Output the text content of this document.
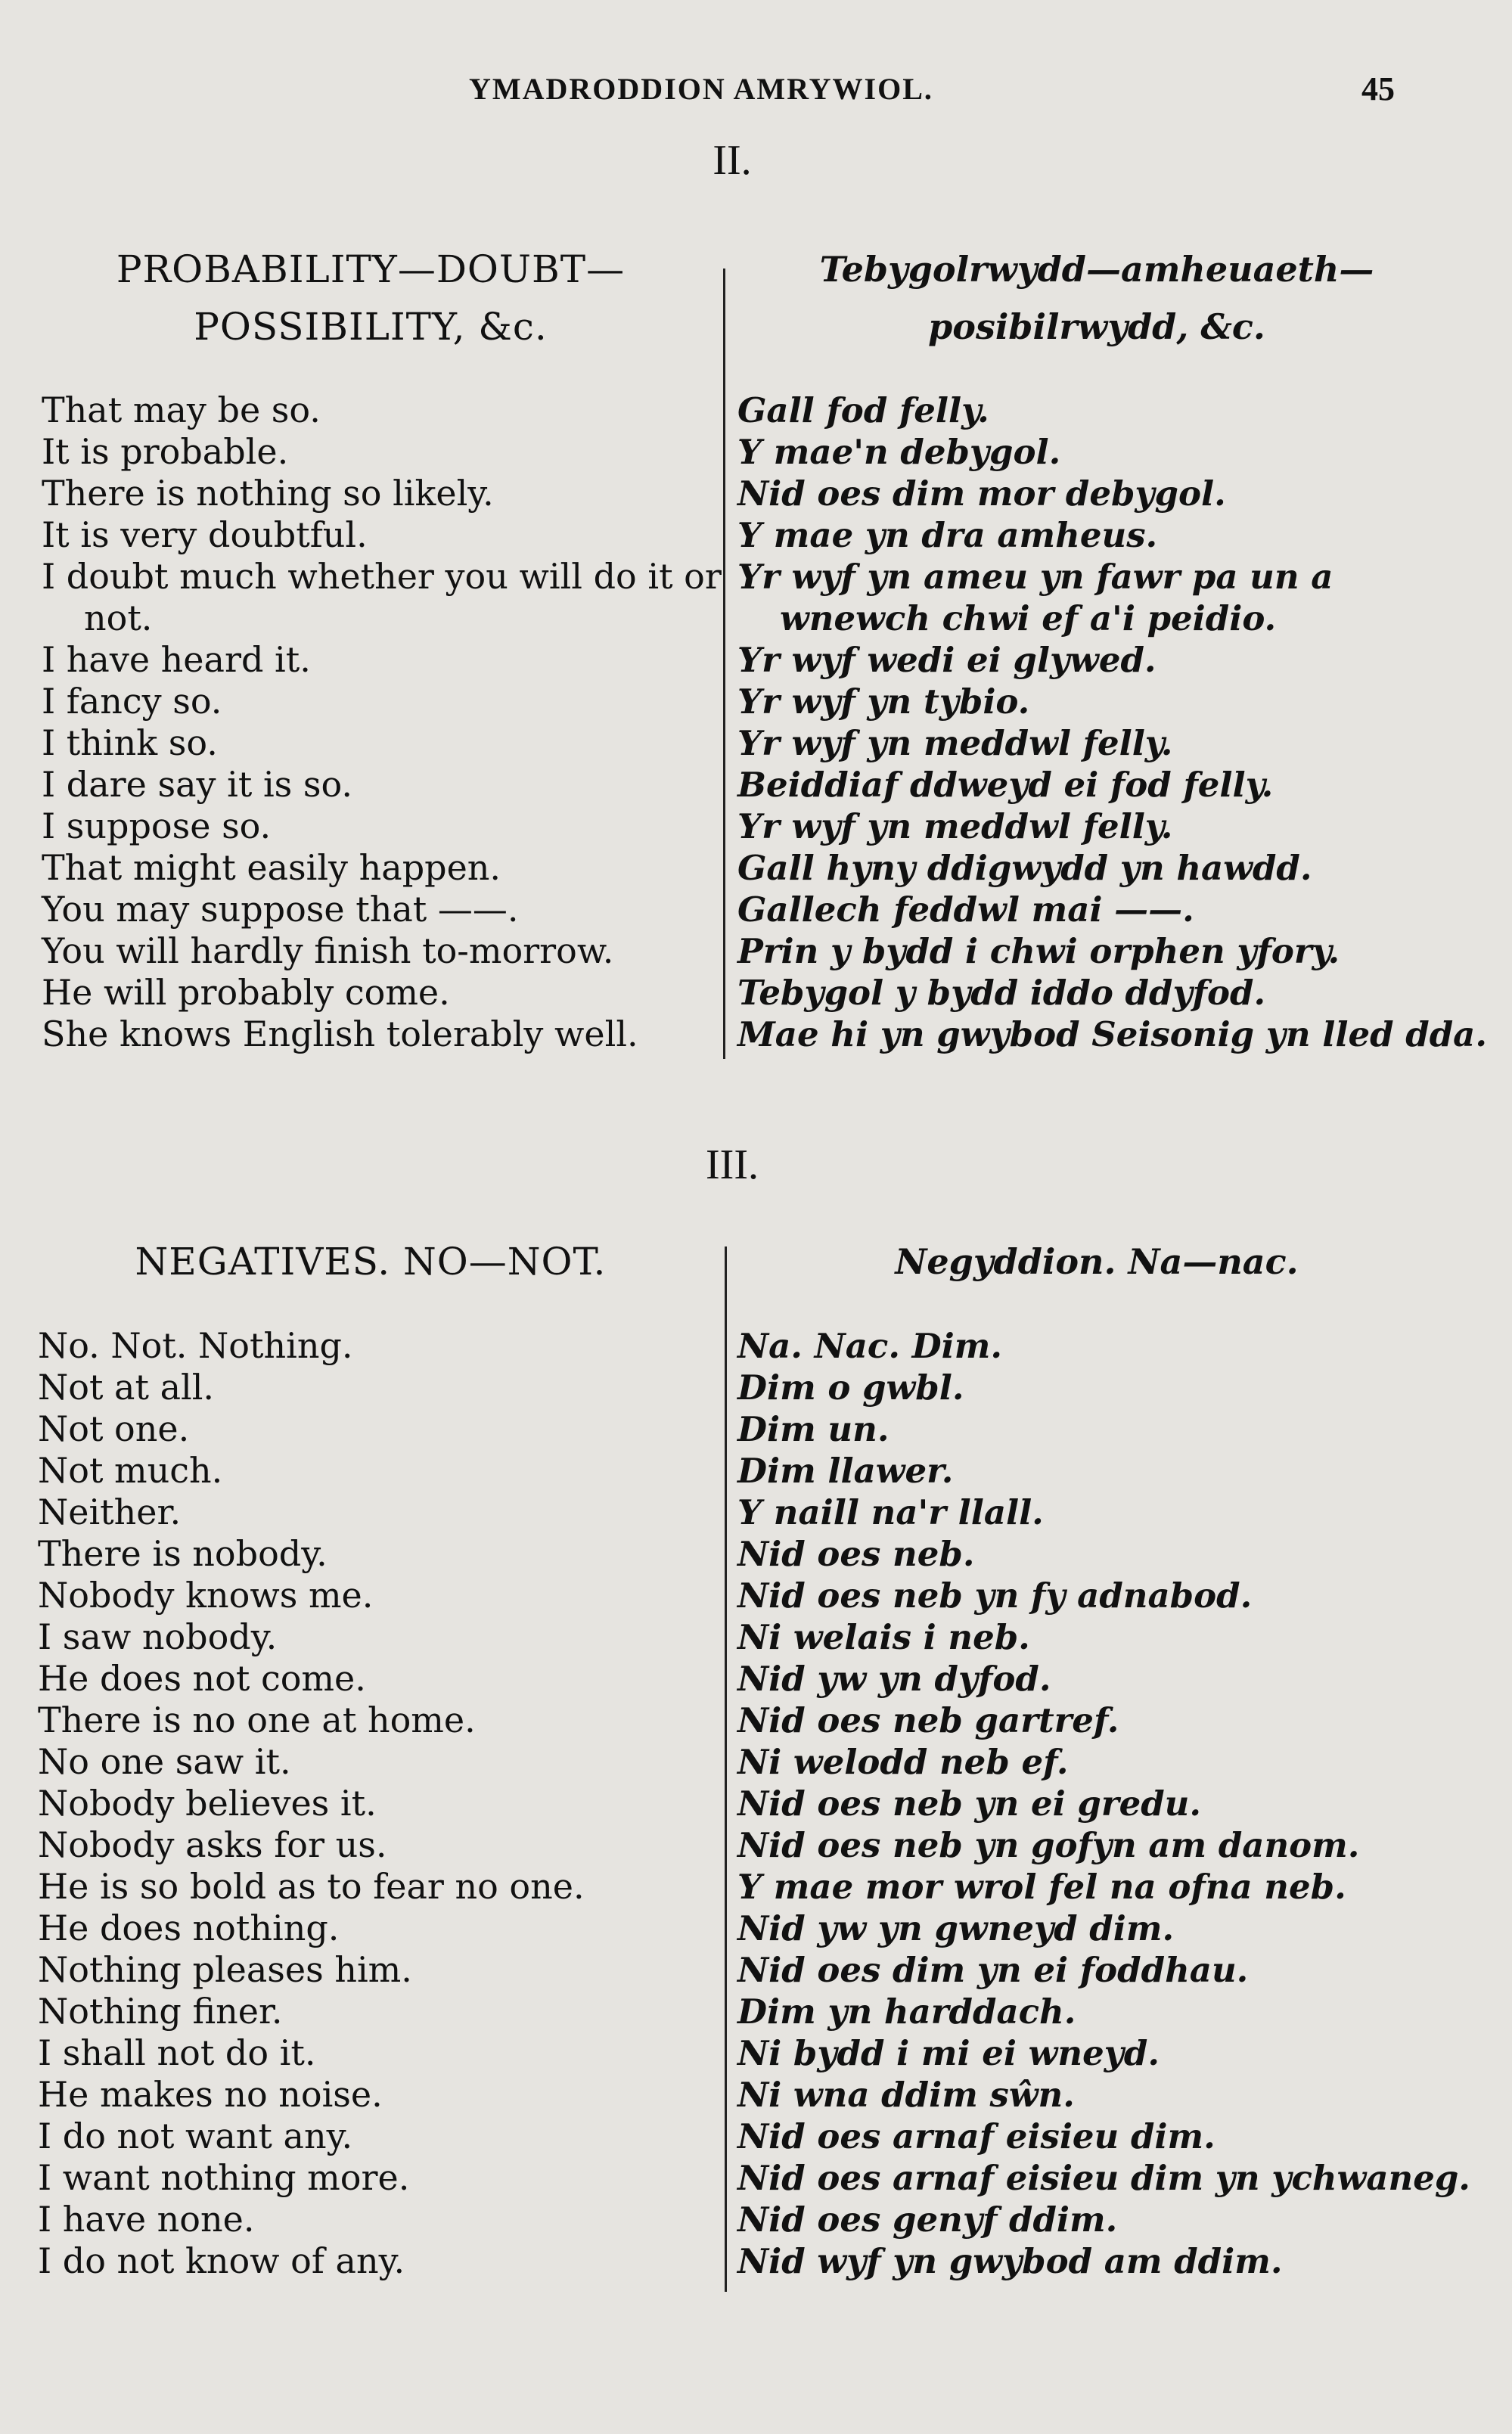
YMADRODDION AMRYWIOL.	45
II.
PROBABILITY—DOUBT—
POSSIBILITY, &c.
Tebygolrwydd—amheuaeth—
posibilrwydd, &c.
That may be so.
It is probable.
There is nothing so likely.
It is very doubtful.
I doubt much whether you will do it or not.
I have heard it.
I fancy so.
I think so.
I dare say it is so.
I suppose so.
That might easily happen.
You may suppose that ——.
You will hardly finish to-morrow.
He will probably come.
She knows English tolerably well.
Gall fod felly.
Y mae'n debygol.
Nid oes dim mor debygol.
Y mae yn dra amheus.
Yr wyf yn ameu yn fawr pa un a wnewch chwi ef a'i peidio.
Yr wyf wedi ei glywed.
Yr wyf yn tybio.
Yr wyf yn meddwl felly.
Beiddiaf ddweyd ei fod felly.
Yr wyf yn meddwl felly.
Gall hyny ddigwydd yn hawdd.
Gallech feddwl mai ——.
Prin y bydd i chwi orphen yfory.
Tebygol y bydd iddo ddyfod.
Mae hi yn gwybod Seisonig yn lled dda.
III.
NEGATIVES. NO—NOT.	Negyddion. Na—nac.
No. Not. Nothing.
Not at all.
Not one.
Not much.
Neither.
There is nobody.
Nobody knows me.
I saw nobody.
He does not come.
There is no one at home.
No one saw it.
Nobody believes it.
Nobody asks for us.
He is so bold as to fear no one.
He does nothing.
Nothing pleases him.
Nothing finer.
I shall not do it.
He makes no noise.
I do not want any.
I want nothing more.
I have none.
I do not know of any.
Na. Nac. Dim.
Dim o gwbl.
Dim un.
Dim llawer.
Y naill na'r llall.
Nid oes neb.
Nid oes neb yn fy adnabod.
Ni welais i neb.
Nid yw yn dyfod.
Nid oes neb gartref.
Ni welodd neb ef.
Nid oes neb yn ei gredu.
Nid oes neb yn gofyn am danom.
Y mae mor wrol fel na ofna neb.
Nid yw yn gwneyd dim.
Nid oes dim yn ei foddhau.
Dim yn harddach.
Ni bydd i mi ei wneyd.
Ni wna ddim sŵn.
Nid oes arnaf eisieu dim.
Nid oes arnaf eisieu dim yn ychwaneg.
Nid oes genyf ddim.
Nid wyf yn gwybod am ddim.
